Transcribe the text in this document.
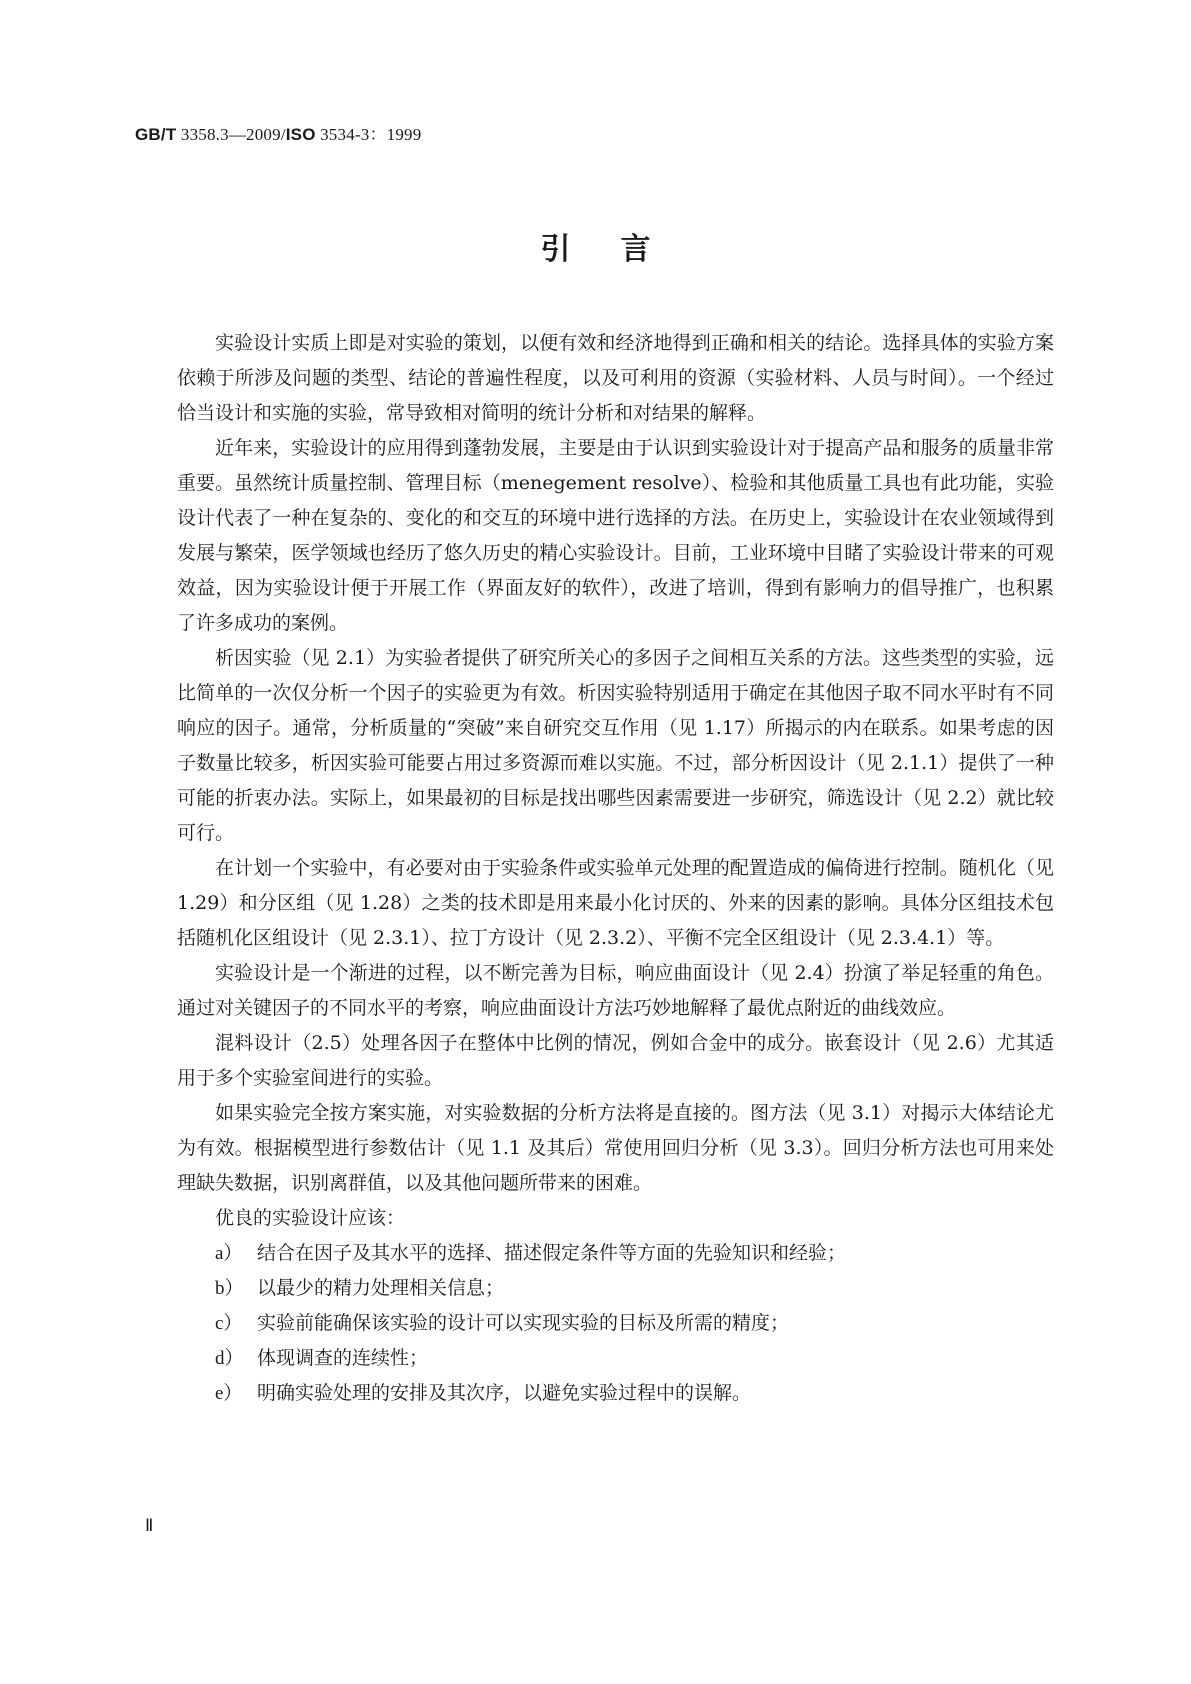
GB/T 3358.3—2009/ISO 3534-3：1999
引言

实验设计实质上即是对实验的策划，以便有效和经济地得到正确和相关的结论。选择具体的实验方案依赖于所涉及问题的类型、结论的普遍性程度，以及可利用的资源（实验材料、人员与时间）。一个经过恰当设计和实施的实验，常导致相对简明的统计分析和对结果的解释。

近年来，实验设计的应用得到蓬勃发展，主要是由于认识到实验设计对于提高产品和服务的质量非常重要。虽然统计质量控制、管理目标（menegement resolve）、检验和其他质量工具也有此功能，实验设计代表了一种在复杂的、变化的和交互的环境中进行选择的方法。在历史上，实验设计在农业领域得到发展与繁荣，医学领域也经历了悠久历史的精心实验设计。目前，工业环境中目睹了实验设计带来的可观效益，因为实验设计便于开展工作（界面友好的软件），改进了培训，得到有影响力的倡导推广，也积累了许多成功的案例。

析因实验（见 2.1）为实验者提供了研究所关心的多因子之间相互关系的方法。这些类型的实验，远比简单的一次仅分析一个因子的实验更为有效。析因实验特别适用于确定在其他因子取不同水平时有不同响应的因子。通常，分析质量的“突破”来自研究交互作用（见 1.17）所揭示的内在联系。如果考虑的因子数量比较多，析因实验可能要占用过多资源而难以实施。不过，部分析因设计（见 2.1.1）提供了一种可能的折衷办法。实际上，如果最初的目标是找出哪些因素需要进一步研究，筛选设计（见 2.2）就比较可行。

在计划一个实验中，有必要对由于实验条件或实验单元处理的配置造成的偏倚进行控制。随机化（见 1.29）和分区组（见 1.28）之类的技术即是用来最小化讨厌的、外来的因素的影响。具体分区组技术包括随机化区组设计（见 2.3.1）、拉丁方设计（见 2.3.2）、平衡不完全区组设计（见 2.3.4.1）等。

实验设计是一个渐进的过程，以不断完善为目标，响应曲面设计（见 2.4）扮演了举足轻重的角色。通过对关键因子的不同水平的考察，响应曲面设计方法巧妙地解释了最优点附近的曲线效应。

混料设计（2.5）处理各因子在整体中比例的情况，例如合金中的成分。嵌套设计（见 2.6）尤其适用于多个实验室间进行的实验。

如果实验完全按方案实施，对实验数据的分析方法将是直接的。图方法（见 3.1）对揭示大体结论尤为有效。根据模型进行参数估计（见 1.1 及其后）常使用回归分析（见 3.3）。回归分析方法也可用来处理缺失数据，识别离群值，以及其他问题所带来的困难。

优良的实验设计应该：

a） 结合在因子及其水平的选择、描述假定条件等方面的先验知识和经验；
b） 以最少的精力处理相关信息；
c） 实验前能确保该实验的设计可以实现实验的目标及所需的精度；
d） 体现调查的连续性；
e） 明确实验处理的安排及其次序，以避免实验过程中的误解。
Ⅱ
